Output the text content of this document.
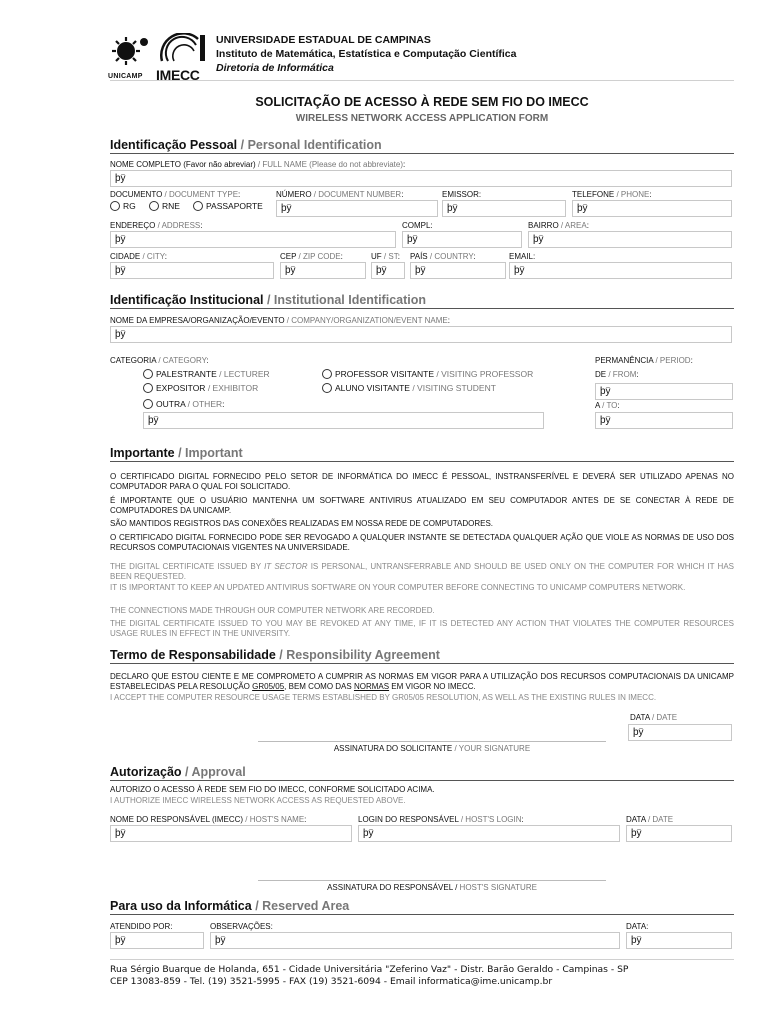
UNICAMP IMECC
UNIVERSIDADE ESTADUAL DE CAMPINAS
Instituto de Matemática, Estatística e Computação Científica
Diretoria de Informática
SOLICITAÇÃO DE ACESSO À REDE SEM FIO DO IMECC
WIRELESS NETWORK ACCESS APPLICATION FORM
Identificação Pessoal / Personal Identification
NOME COMPLETO (Favor não abreviar) / FULL NAME (Please do not abbreviate):
þÿ
DOCUMENTO / DOCUMENT TYPE:
RG	RNE	PASSAPORTE
NÚMERO / DOCUMENT NUMBER:
þÿ
EMISSOR:
þÿ
TELEFONE / PHONE:
þÿ
ENDEREÇO / ADDRESS:
þÿ
COMPL:
þÿ
BAIRRO / AREA:
þÿ
CIDADE / CITY:
þÿ
CEP / ZIP CODE:
þÿ
UF / ST:
þÿ
PAÍS / COUNTRY:
þÿ
EMAIL:
þÿ
Identificação Institucional / Institutional Identification
NOME DA EMPRESA/ORGANIZAÇÃO/EVENTO / COMPANY/ORGANIZATION/EVENT NAME:
þÿ
CATEGORIA / CATEGORY:
PALESTRANTE / LECTURER	PROFESSOR VISITANTE / VISITING PROFESSOR
EXPOSITOR / EXHIBITOR	ALUNO VISITANTE / VISITING STUDENT
OUTRA / OTHER:
þÿ
PERMANÊNCIA / PERIOD:
DE / FROM:
þÿ
A / TO:
þÿ
Importante / Important
O CERTIFICADO DIGITAL FORNECIDO PELO SETOR DE INFORMÁTICA DO IMECC É PESSOAL, INSTRANSFERÍVEL E DEVERÁ SER UTILIZADO APENAS NO COMPUTADOR PARA O QUAL FOI SOLICITADO.
É IMPORTANTE QUE O USUÁRIO MANTENHA UM SOFTWARE ANTIVIRUS ATUALIZADO EM SEU COMPUTADOR ANTES DE SE CONECTAR À REDE DE COMPUTADORES DA UNICAMP.
SÃO MANTIDOS REGISTROS DAS CONEXÕES REALIZADAS EM NOSSA REDE DE COMPUTADORES.
O CERTIFICADO DIGITAL FORNECIDO PODE SER REVOGADO A QUALQUER INSTANTE SE DETECTADA QUALQUER AÇÃO QUE VIOLE AS NORMAS DE USO DOS RECURSOS COMPUTACIONAIS VIGENTES NA UNIVERSIDADE.
THE DIGITAL CERTIFICATE ISSUED BY IT SECTOR IS PERSONAL, UNTRANSFERRABLE AND SHOULD BE USED ONLY ON THE COMPUTER FOR WHICH IT HAS BEEN REQUESTED.
IT IS IMPORTANT TO KEEP AN UPDATED ANTIVIRUS SOFTWARE ON YOUR COMPUTER BEFORE CONNECTING TO UNICAMP COMPUTERS NETWORK.
THE CONNECTIONS MADE THROUGH OUR COMPUTER NETWORK ARE RECORDED.
THE DIGITAL CERTIFICATE ISSUED TO YOU MAY BE REVOKED AT ANY TIME, IF IT IS DETECTED ANY ACTION THAT VIOLATES THE COMPUTER RESOURCES USAGE RULES IN EFFECT IN THE UNIVERSITY.
Termo de Responsabilidade / Responsibility Agreement
DECLARO QUE ESTOU CIENTE E ME COMPROMETO A CUMPRIR AS NORMAS EM VIGOR PARA A UTILIZAÇÃO DOS RECURSOS COMPUTACIONAIS DA UNICAMP ESTABELECIDAS PELA RESOLUÇÃO GR05/05, BEM COMO DAS NORMAS EM VIGOR NO IMECC.
I ACCEPT THE COMPUTER RESOURCE USAGE TERMS ESTABLISHED BY GR05/05 RESOLUTION, AS WELL AS THE EXISTING RULES IN IMECC.
DATA / DATE
þÿ
ASSINATURA DO SOLICITANTE / YOUR SIGNATURE
Autorização / Approval
AUTORIZO O ACESSO À REDE SEM FIO DO IMECC, CONFORME SOLICITADO ACIMA.
I AUTHORIZE IMECC WIRELESS NETWORK ACCESS AS REQUESTED ABOVE.
NOME DO RESPONSÁVEL (IMECC) / HOST'S NAME:
þÿ
LOGIN DO RESPONSÁVEL / HOST'S LOGIN:
þÿ
DATA / DATE
þÿ
ASSINATURA DO RESPONSÁVEL / HOST'S SIGNATURE
Para uso da Informática / Reserved Area
ATENDIDO POR:
þÿ
OBSERVAÇÕES:
þÿ
DATA:
þÿ
Rua Sérgio Buarque de Holanda, 651 - Cidade Universitária "Zeferino Vaz" - Distr. Barão Geraldo - Campinas - SP
CEP 13083-859 - Tel. (19) 3521-5995 - FAX (19) 3521-6094 - Email informatica@ime.unicamp.br
